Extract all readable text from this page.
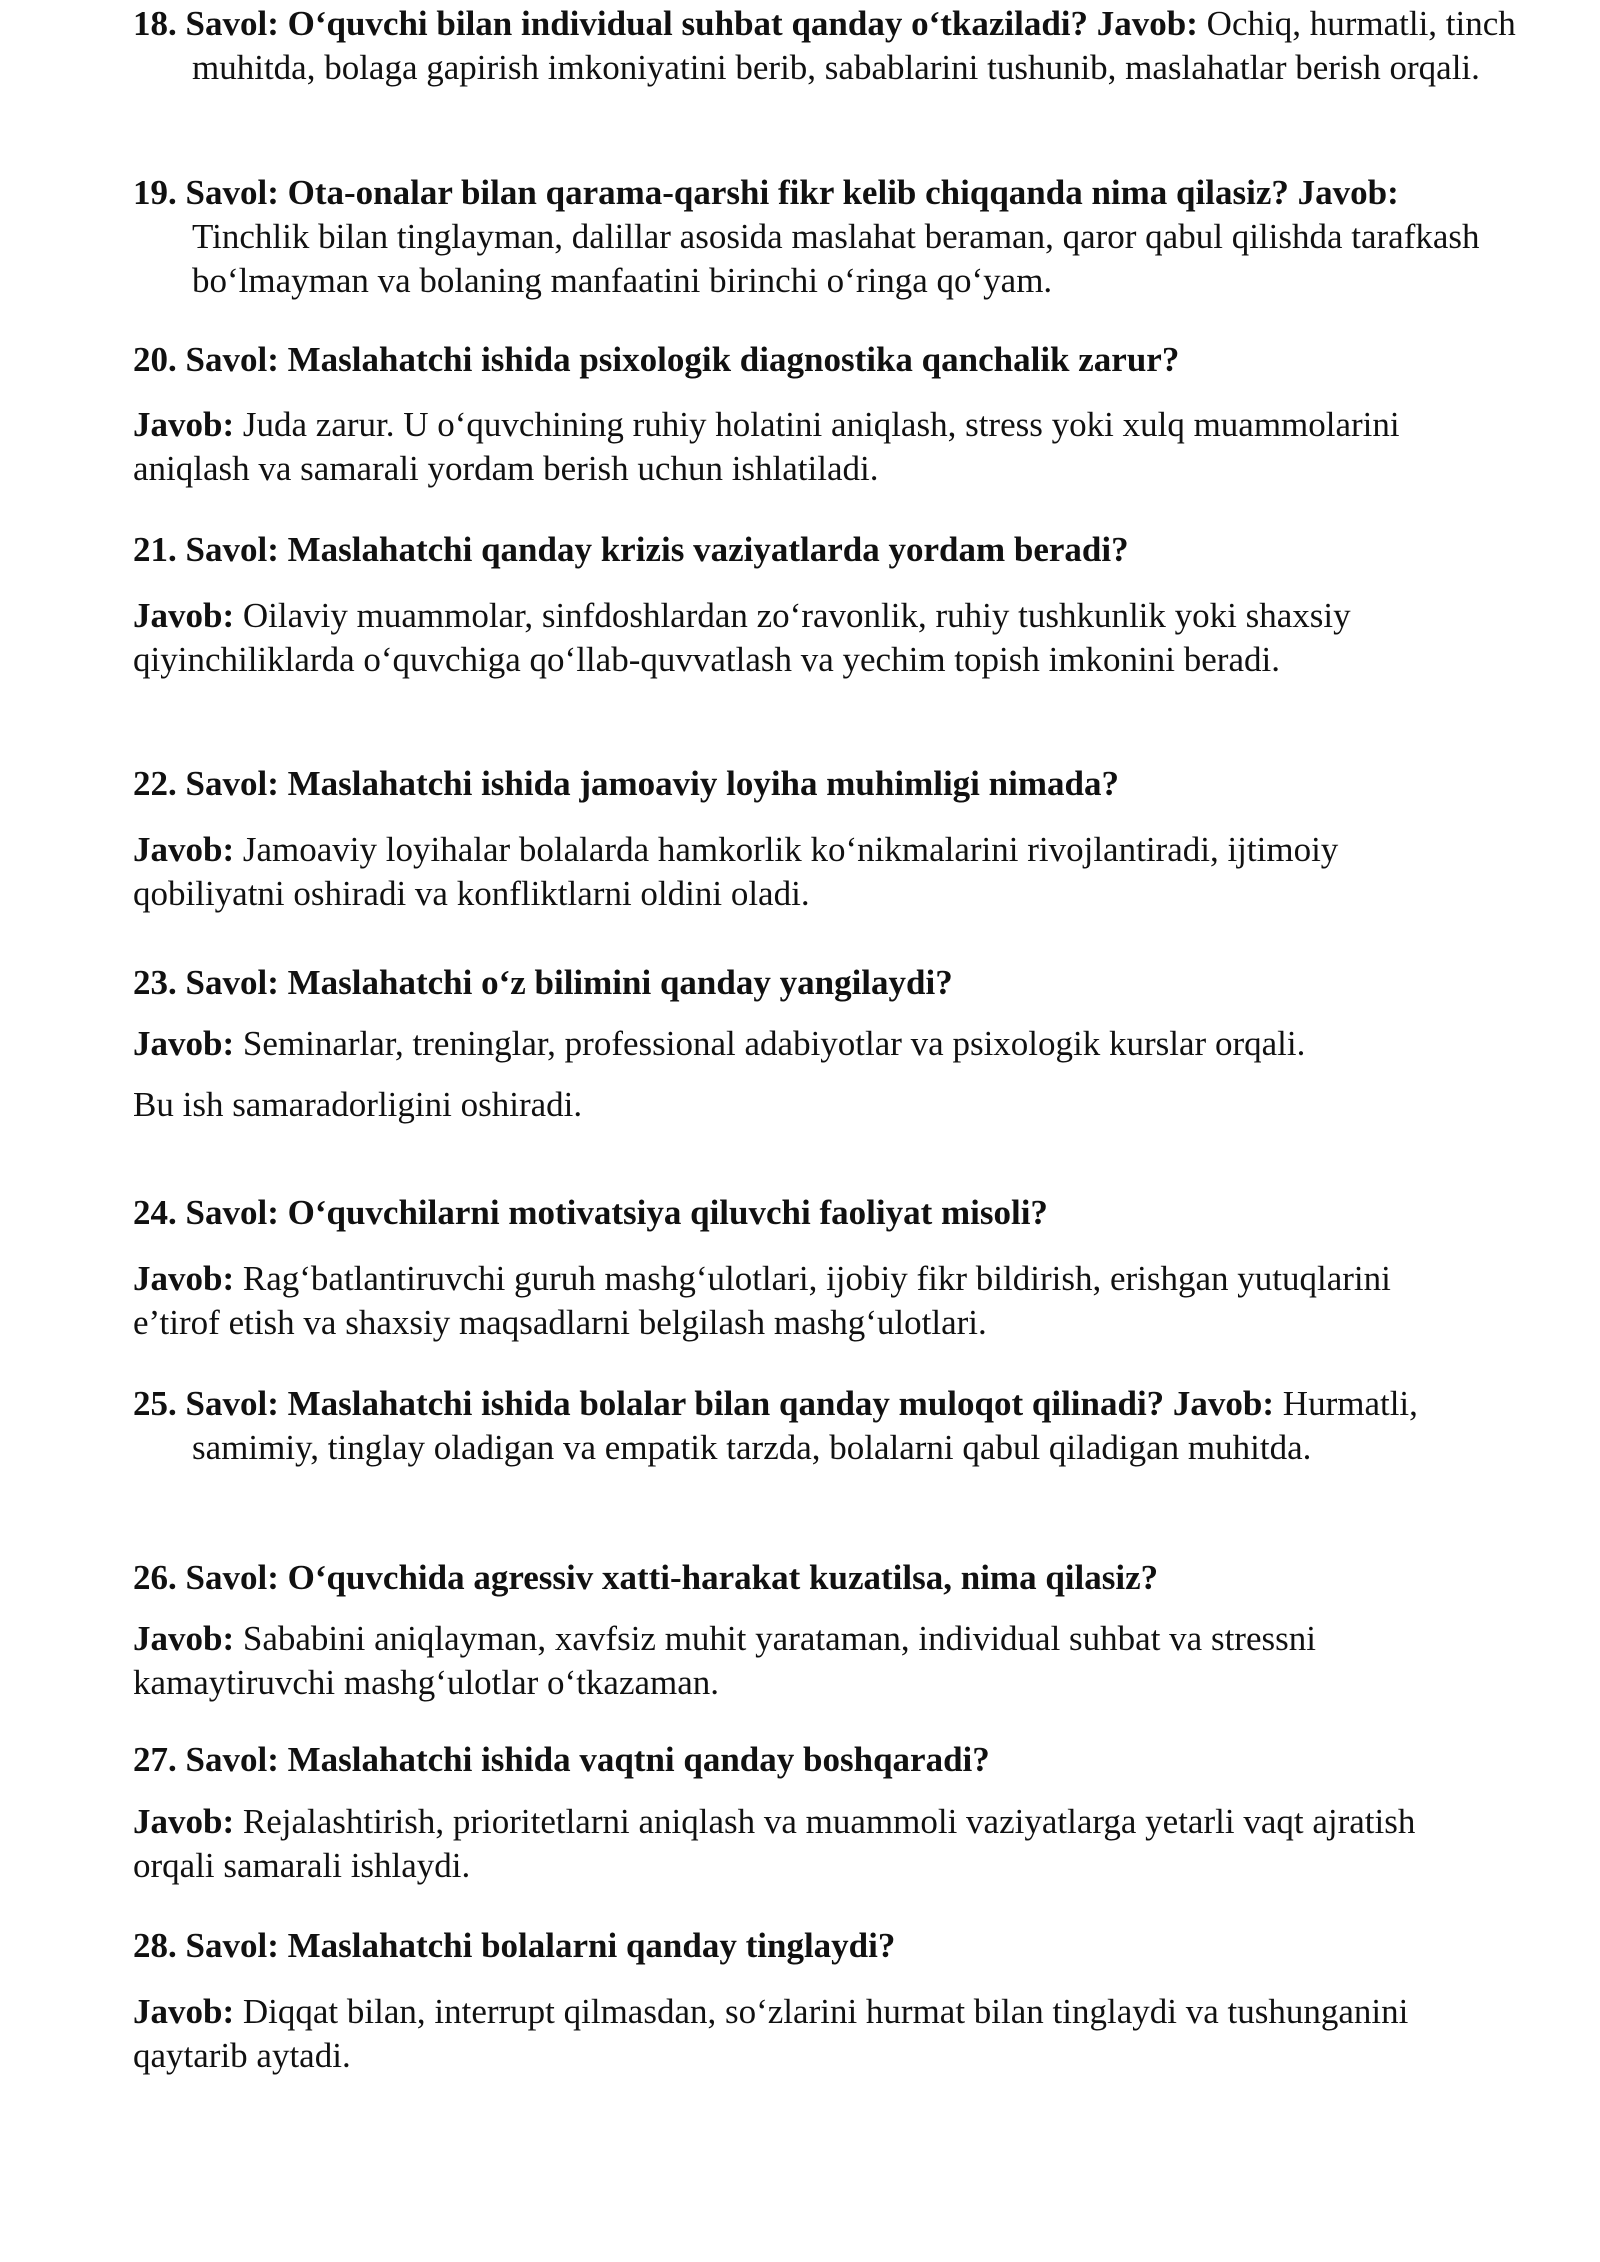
18. Savol: O‘quvchi bilan individual suhbat qanday o‘tkaziladi? Javob: Ochiq, hurmatli, tinch muhitda, bolaga gapirish imkoniyatini berib, sabablarini tushunib, maslahatlar berish orqali.
19. Savol: Ota-onalar bilan qarama-qarshi fikr kelib chiqqanda nima qilasiz? Javob: Tinchlik bilan tinglayman, dalillar asosida maslahat beraman, qaror qabul qilishda tarafkash bo‘lmayman va bolaning manfaatini birinchi o‘ringa qo‘yam.
20. Savol: Maslahatchi ishida psixologik diagnostika qanchalik zarur?
Javob: Juda zarur. U o‘quvchining ruhiy holatini aniqlash, stress yoki xulq muammolarini aniqlash va samarali yordam berish uchun ishlatiladi.
21. Savol: Maslahatchi qanday krizis vaziyatlarda yordam beradi?
Javob: Oilaviy muammolar, sinfdoshlardan zo‘ravonlik, ruhiy tushkunlik yoki shaxsiy qiyinchiliklarda o‘quvchiga qo‘llab-quvvatlash va yechim topish imkonini beradi.
22. Savol: Maslahatchi ishida jamoaviy loyiha muhimligi nimada?
Javob: Jamoaviy loyihalar bolalarda hamkorlik ko‘nikmalarini rivojlantiradi, ijtimoiy qobiliyatni oshiradi va konfliktlarni oldini oladi.
23. Savol: Maslahatchi o‘z bilimini qanday yangilaydi?
Javob: Seminarlar, treninglar, professional adabiyotlar va psixologik kurslar orqali.
Bu ish samaradorligini oshiradi.
24. Savol: O‘quvchilarni motivatsiya qiluvchi faoliyat misoli?
Javob: Rag‘batlantiruvchi guruh mashg‘ulotlari, ijobiy fikr bildirish, erishgan yutuqlarini e’tirof etish va shaxsiy maqsadlarni belgilash mashg‘ulotlari.
25. Savol: Maslahatchi ishida bolalar bilan qanday muloqot qilinadi? Javob: Hurmatli, samimiy, tinglay oladigan va empatik tarzda, bolalarni qabul qiladigan muhitda.
26. Savol: O‘quvchida agressiv xatti-harakat kuzatilsa, nima qilasiz?
Javob: Sababini aniqlayman, xavfsiz muhit yarataman, individual suhbat va stressni kamaytiruvchi mashg‘ulotlar o‘tkazaman.
27. Savol: Maslahatchi ishida vaqtni qanday boshqaradi?
Javob: Rejalashtirish, prioritetlarni aniqlash va muammoli vaziyatlarga yetarli vaqt ajratish orqali samarali ishlaydi.
28. Savol: Maslahatchi bolalarni qanday tinglaydi?
Javob: Diqqat bilan, interrupt qilmasdan, so‘zlarini hurmat bilan tinglaydi va tushunganini qaytarib aytadi.
